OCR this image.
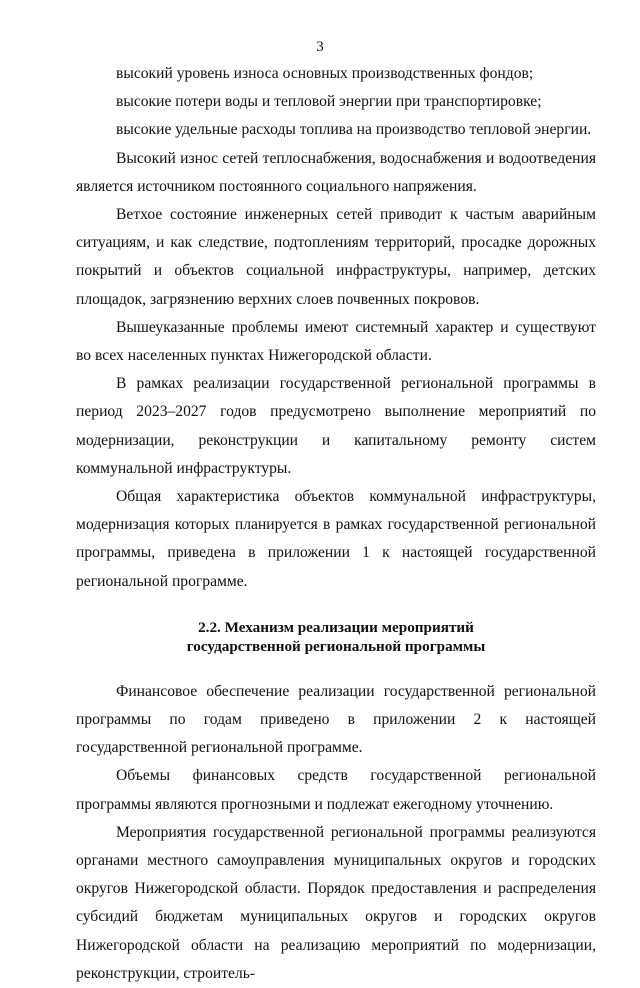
3

высокий уровень износа основных производственных фондов;

высокие потери воды и тепловой энергии при транспортировке;

высокие удельные расходы топлива на производство тепловой энергии.

Высокий износ сетей теплоснабжения, водоснабжения и водоотведения является источником постоянного социального напряжения.

Ветхое состояние инженерных сетей приводит к частым аварийным ситуациям, и как следствие, подтоплениям территорий, просадке дорожных покрытий и объектов социальной инфраструктуры, например, детских площадок, загрязнению верхних слоев почвенных покровов.

Вышеуказанные проблемы имеют системный характер и существуют во всех населенных пунктах Нижегородской области.

В рамках реализации государственной региональной программы в период 2023–2027 годов предусмотрено выполнение мероприятий по модернизации, реконструкции и капитальному ремонту систем коммунальной инфраструктуры.

Общая характеристика объектов коммунальной инфраструктуры, модернизация которых планируется в рамках государственной региональной программы, приведена в приложении 1 к настоящей государственной региональной программе.

2.2. Механизм реализации мероприятий
государственной региональной программы

Финансовое обеспечение реализации государственной региональной программы по годам приведено в приложении 2 к настоящей государственной региональной программе.

Объемы финансовых средств государственной региональной программы являются прогнозными и подлежат ежегодному уточнению.

Мероприятия государственной региональной программы реализуются органами местного самоуправления муниципальных округов и городских округов Нижегородской области. Порядок предоставления и распределения субсидий бюджетам муниципальных округов и городских округов Нижегородской области на реализацию мероприятий по модернизации, реконструкции, строитель-
